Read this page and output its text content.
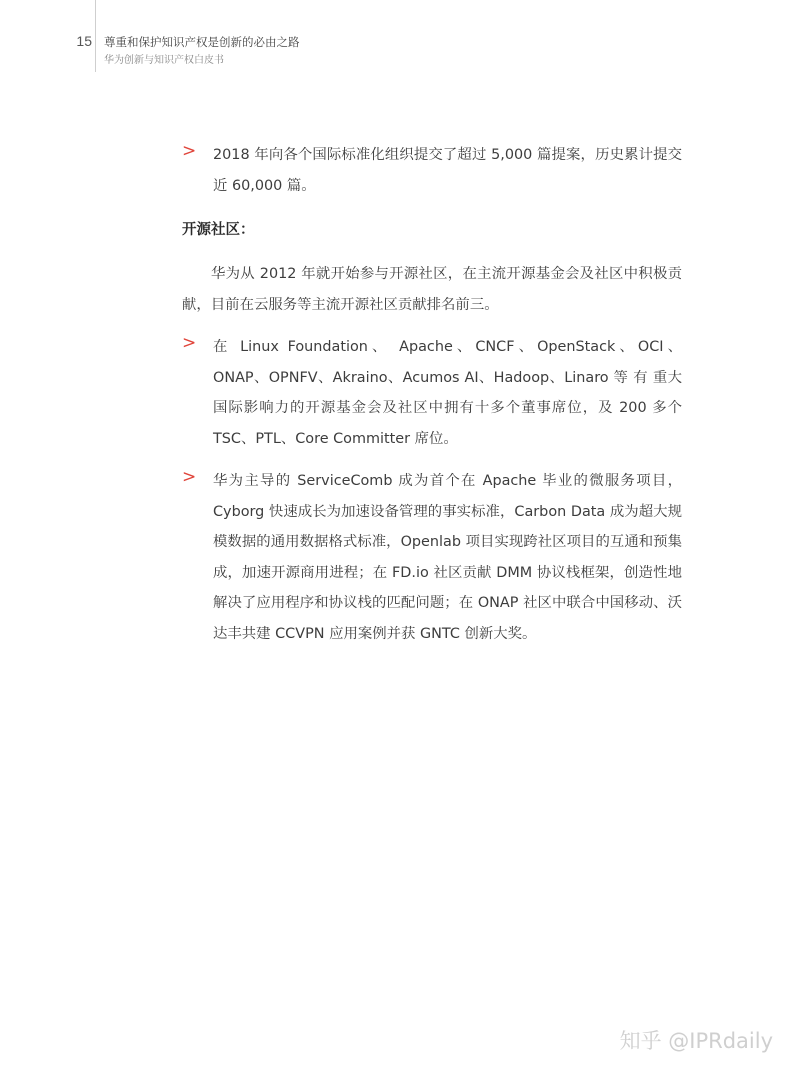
15 尊重和保护知识产权是创新的必由之路
华为创新与知识产权白皮书
> 2018 年向各个国际标准化组织提交了超过 5,000 篇提案，历史累计提交近 60,000 篇。

开源社区：

华为从 2012 年就开始参与开源社区，在主流开源基金会及社区中积极贡献，目前在云服务等主流开源社区贡献排名前三。

> 在 Linux Foundation、 Apache、CNCF、OpenStack、OCI、ONAP、OPNFV、Akraino、Acumos AI、Hadoop、Linaro 等 有 重大国际影响力的开源基金会及社区中拥有十多个董事席位，及 200 多个 TSC、PTL、Core Committer 席位。

> 华为主导的 ServiceComb 成为首个在 Apache 毕业的微服务项目，Cyborg 快速成长为加速设备管理的事实标准，Carbon Data 成为超大规模数据的通用数据格式标准，Openlab 项目实现跨社区项目的互通和预集成，加速开源商用进程；在 FD.io 社区贡献 DMM 协议栈框架，创造性地解决了应用程序和协议栈的匹配问题；在 ONAP 社区中联合中国移动、沃达丰共建 CCVPN 应用案例并获 GNTC 创新大奖。

知乎 @IPRdaily
